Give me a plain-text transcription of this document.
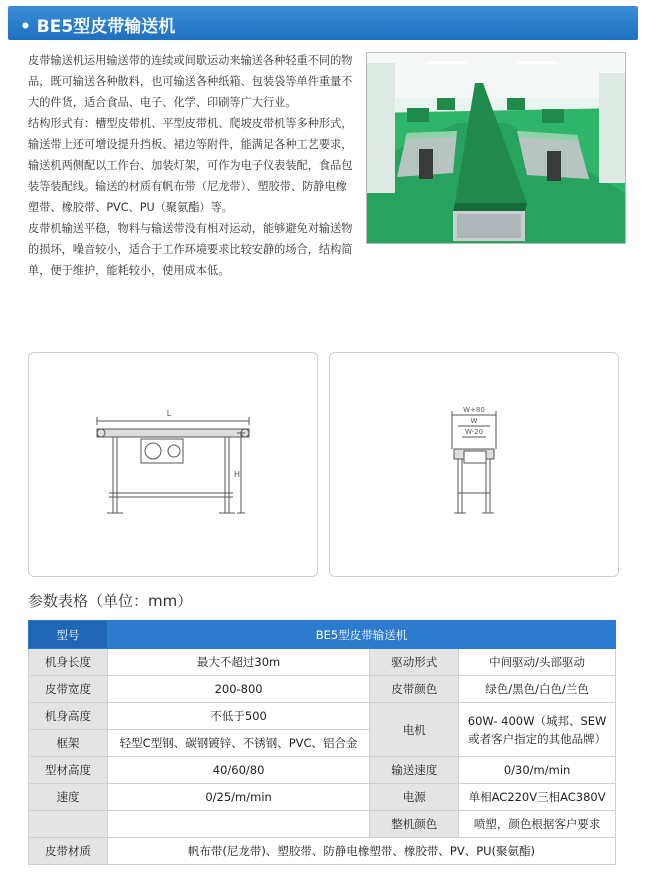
• BE5型皮带输送机

皮带输送机运用输送带的连续或间歇运动来输送各种轻重不同的物品，既可输送各种散料，也可输送各种纸箱、包装袋等单件重量不大的件货，适合食品、电子、化学、印刷等广大行业。

结构形式有：槽型皮带机、平型皮带机、爬坡皮带机等多种形式，输送带上还可增设提升挡板、裙边等附件，能满足各种工艺要求，输送机两侧配以工作台、加装灯架，可作为电子仪表装配，食品包装等装配线。输送的材质有帆布带（尼龙带）、塑胶带、防静电橡塑带、橡胶带、PVC、PU（聚氨酯）等。

皮带机输送平稳，物料与输送带没有相对运动，能够避免对输送物的损坏，噪音较小，适合于工作环境要求比较安静的场合，结构简单，便于维护，能耗较小，使用成本低。

L
H
W+80
W
W-20
参数表格（单位：mm）
型号	BE5型皮带输送机		
机身长度	最大不超过30m	驱动形式	中间驱动/头部驱动
皮带宽度	200-800	皮带颜色	绿色/黑色/白色/兰色
机身高度	不低于500	电机	60W- 400W（城邦、SEW
或者客户指定的其他品牌）
框架	轻型C型钢、碳钢镀锌、不锈钢、PVC、铝合金		
型材高度	40/60/80	输送速度	0/30/m/min
速度	0/25/m/min	电源	单相AC220V三相AC380V
		整机颜色	喷塑，颜色根据客户要求
皮带材质	帆布带(尼龙带)、塑胶带、防静电橡塑带、橡胶带、PV、PU(聚氨酯)		
